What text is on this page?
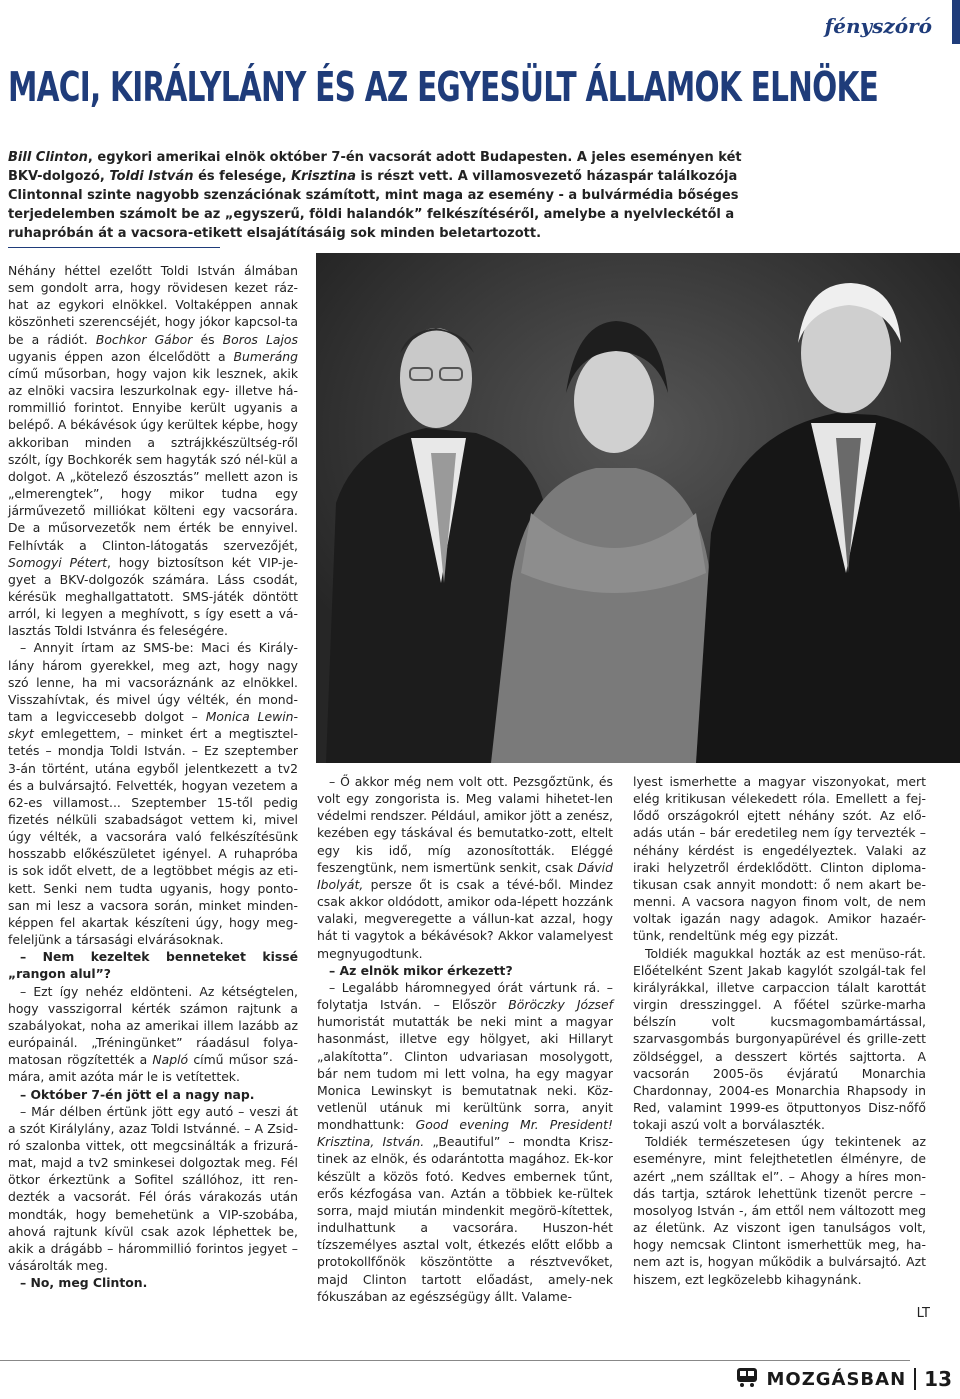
fényszóró
MACI, KIRÁLYLÁNY ÉS AZ EGYESÜLT ÁLLAMOK ELNÖKE
Bill Clinton, egykori amerikai elnök október 7-én vacsorát adott Budapesten. A jeles eseményen két BKV-dolgozó, Toldi István és felesége, Krisztina is részt vett. A villamosvezető házaspár találkozója Clintonnal szinte nagyobb szenzációnak számított, mint maga az esemény - a bulvármédia bőséges terjedelemben számolt be az „egyszerű, földi halandók” felkészítéséről, amelybe a nyelvleckétől a ruhapróbán át a vacsora-etikett elsajátításáig sok minden beletartozott.

Néhány héttel ezelőtt Toldi István álmában sem gondolt arra, hogy rövidesen kezet ráz-hat az egykori elnökkel. Voltaképpen annak köszönheti szerencséjét, hogy jókor kapcsol-ta be a rádiót. Bochkor Gábor és Boros Lajos ugyanis éppen azon élcelődött a Bumeráng című műsorban, hogy vajon kik lesznek, akik az elnöki vacsira leszurkolnak egy- illetve há-rommillió forintot. Ennyibe került ugyanis a belépő. A békávésok úgy kerültek képbe, hogy akkoriban minden a sztrájkkészültség-ről szólt, így Bochkorék sem hagyták szó nél-kül a dolgot. A „kötelező észosztás” mellett azon is „elmerengtek”, hogy mikor tudna egy járművezető milliókat költeni egy vacsorára. De a műsorvezetők nem érték be ennyivel. Felhívták a Clinton-látogatás szervezőjét, Somogyi Pétert, hogy biztosítson két VIP-je-gyet a BKV-dolgozók számára. Láss csodát, kérésük meghallgattatott. SMS-játék döntött arról, ki legyen a meghívott, s így esett a vá-lasztás Toldi Istvánra és feleségére.

– Annyit írtam az SMS-be: Maci és Király-lány három gyerekkel, meg azt, hogy nagy szó lenne, ha mi vacsoráznánk az elnökkel. Visszahívtak, és mivel úgy vélték, én mond-tam a legviccesebb dolgot – Monica Lewin-skyt emlegettem, – minket ért a megtisztel-tetés – mondja Toldi István. – Ez szeptember 3-án történt, utána egyből jelentkezett a tv2 és a bulvársajtó. Felvették, hogyan vezetem a 62-es villamost... Szeptember 15-től pedig fizetés nélküli szabadságot vettem ki, mivel úgy vélték, a vacsorára való felkészítésünk hosszabb előkészületet igényel. A ruhapróba is sok időt elvett, de a legtöbbet mégis az eti-kett. Senki nem tudta ugyanis, hogy ponto-san mi lesz a vacsora során, minket minden-képpen fel akartak készíteni úgy, hogy meg-feleljünk a társasági elvárásoknak.

– Nem kezeltek benneteket kissé „rangon alul”?

– Ezt így nehéz eldönteni. Az kétségtelen, hogy vasszigorral kérték számon rajtunk a szabályokat, noha az amerikai illem lazább az európainál. „Tréningünket” ráadásul folya-matosan rögzítették a Napló című műsor szá-mára, amit azóta már le is vetítettek.

– Október 7-én jött el a nagy nap.

– Már délben értünk jött egy autó – veszi át a szót Királylány, azaz Toldi Istvánné. – A Zsid-ró szalonba vittek, ott megcsinálták a frizurá-mat, majd a tv2 sminkesei dolgoztak meg. Fél ötkor érkeztünk a Sofitel szállóhoz, itt ren-dezték a vacsorát. Fél órás várakozás után mondták, hogy bemehetünk a VIP-szobába, ahová rajtunk kívül csak azok léphettek be, akik a drágább – hárommillió forintos jegyet – vásárolták meg.

– No, meg Clinton.

– Ő akkor még nem volt ott. Pezsgőztünk, és volt egy zongorista is. Meg valami hihetet-len védelmi rendszer. Például, amikor jött a zenész, kezében egy táskával és bemutatko-zott, eltelt egy kis idő, míg azonosították. Eléggé feszengtünk, nem ismertünk senkit, csak Dávid Ibolyát, persze őt is csak a tévé-ből. Mindez csak akkor oldódott, amikor oda-lépett hozzánk valaki, megveregette a vállun-kat azzal, hogy hát ti vagytok a békávésok? Akkor valamelyest megnyugodtunk.

– Az elnök mikor érkezett?

– Legalább háromnegyed órát vártunk rá. – folytatja István. – Először Böröczky József humoristát mutatták be neki mint a magyar hasonmást, illetve egy hölgyet, aki Hillaryt „alakította”. Clinton udvariasan mosolygott, bár nem tudom mi lett volna, ha egy magyar Monica Lewinskyt is bemutatnak neki. Köz-vetlenül utánuk mi kerültünk sorra, anyit mondhattunk: Good evening Mr. President! Krisztina, István. „Beautiful” – mondta Krisz-tinek az elnök, és odarántotta magához. Ek-kor készült a közös fotó. Kedves embernek tűnt, erős kézfogása van. Aztán a többiek ke-rültek sorra, majd miután mindenkit megörö-kítettek, indulhattunk a vacsorára. Huszon-hét tízszemélyes asztal volt, étkezés előtt előbb a protokollfőnök köszöntötte a résztvevőket, majd Clinton tartott előadást, amely-nek fókuszában az egészségügy állt. Valame-

lyest ismerhette a magyar viszonyokat, mert elég kritikusan vélekedett róla. Emellett a fej-lődő országokról ejtett néhány szót. Az elő-adás után – bár eredetileg nem így tervezték – néhány kérdést is engedélyeztek. Valaki az iraki helyzetről érdeklődött. Clinton diploma-tikusan csak annyit mondott: ő nem akart be-menni. A vacsora nagyon finom volt, de nem voltak igazán nagy adagok. Amikor hazaér-tünk, rendeltünk még egy pizzát.

Toldiék magukkal hozták az est menüso-rát. Előételként Szent Jakab kagylót szolgál-tak fel királyrákkal, illetve carpaccion tálalt karottát virgin dresszinggel. A főétel szürke-marha bélszín volt kucsmagombamártással, szarvasgombás burgonyapürével és grille-zett zöldséggel, a desszert körtés sajttorta. A vacsorán 2005-ös évjáratú Monarchia Chardonnay, 2004-es Monarchia Rhapsody in Red, valamint 1999-es ötputtonyos Disz-nőfő tokaji aszú volt a borválaszték.

Toldiék természetesen úgy tekintenek az eseményre, mint felejthetetlen élményre, de azért „nem szálltak el”. – Ahogy a híres mon-dás tartja, sztárok lehettünk tizenöt percre – mosolyog István -, ám ettől nem változott meg az életünk. Az viszont igen tanulságos volt, hogy nemcsak Clintont ismerhettük meg, ha-nem azt is, hogyan működik a bulvársajtó. Azt hiszem, ezt legközelebb kihagynánk.

LT
MOZGÁSBAN 13
